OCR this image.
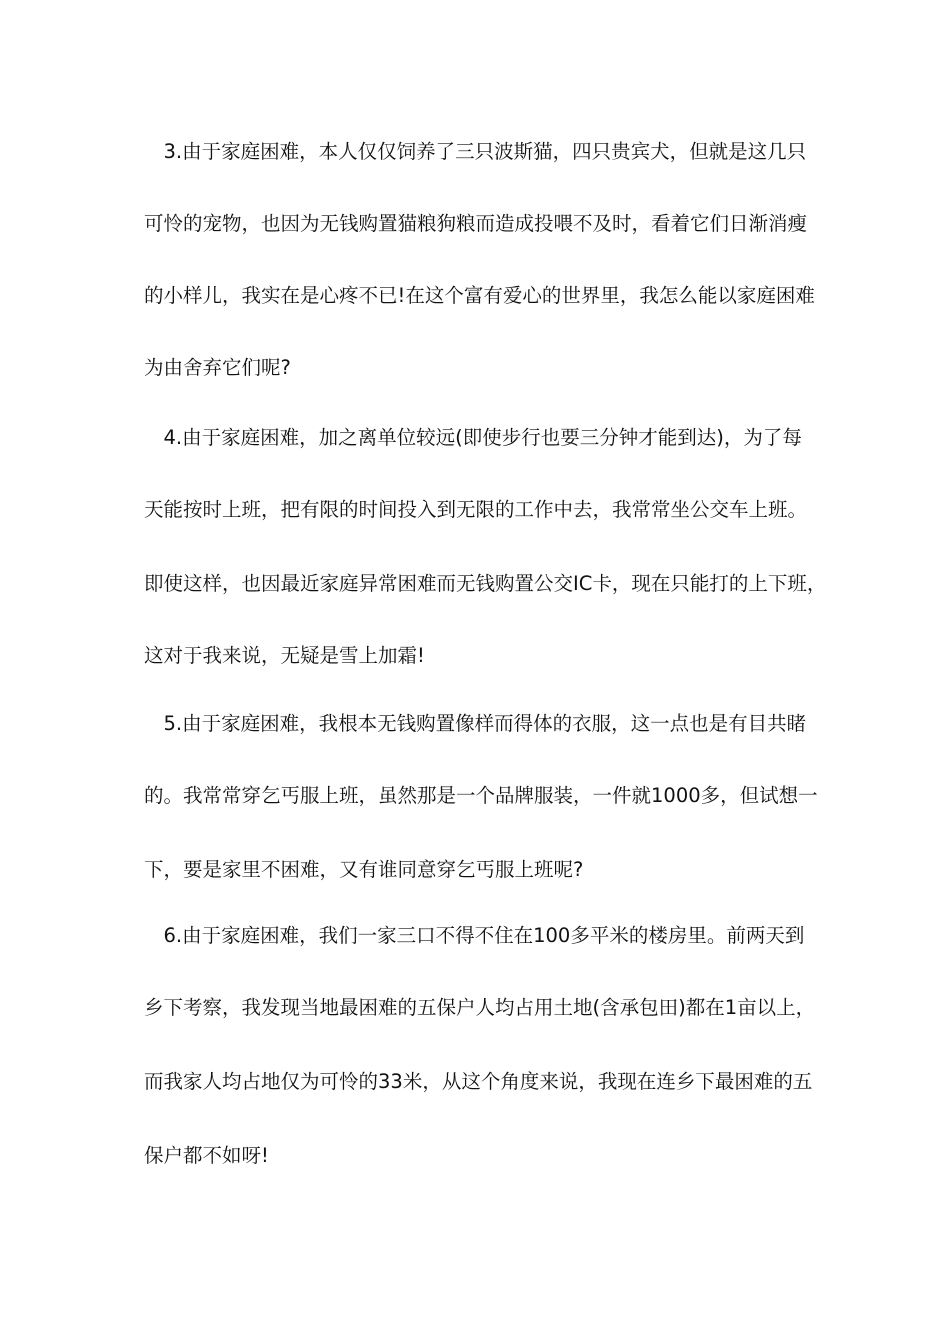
　3.由于家庭困难，本人仅仅饲养了三只波斯猫，四只贵宾犬，但就是这几只
可怜的宠物，也因为无钱购置猫粮狗粮而造成投喂不及时，看着它们日渐消瘦
的小样儿，我实在是心疼不已!在这个富有爱心的世界里，我怎么能以家庭困难
为由舍弃它们呢?
　4.由于家庭困难，加之离单位较远(即使步行也要三分钟才能到达)，为了每
天能按时上班，把有限的时间投入到无限的工作中去，我常常坐公交车上班。
即使这样，也因最近家庭异常困难而无钱购置公交IC卡，现在只能打的上下班，
这对于我来说，无疑是雪上加霜!
　5.由于家庭困难，我根本无钱购置像样而得体的衣服，这一点也是有目共睹
的。我常常穿乞丐服上班，虽然那是一个品牌服装，一件就1000多，但试想一
下，要是家里不困难，又有谁同意穿乞丐服上班呢?
　6.由于家庭困难，我们一家三口不得不住在100多平米的楼房里。前两天到
乡下考察，我发现当地最困难的五保户人均占用土地(含承包田)都在1亩以上，
而我家人均占地仅为可怜的33米，从这个角度来说，我现在连乡下最困难的五
保户都不如呀!
